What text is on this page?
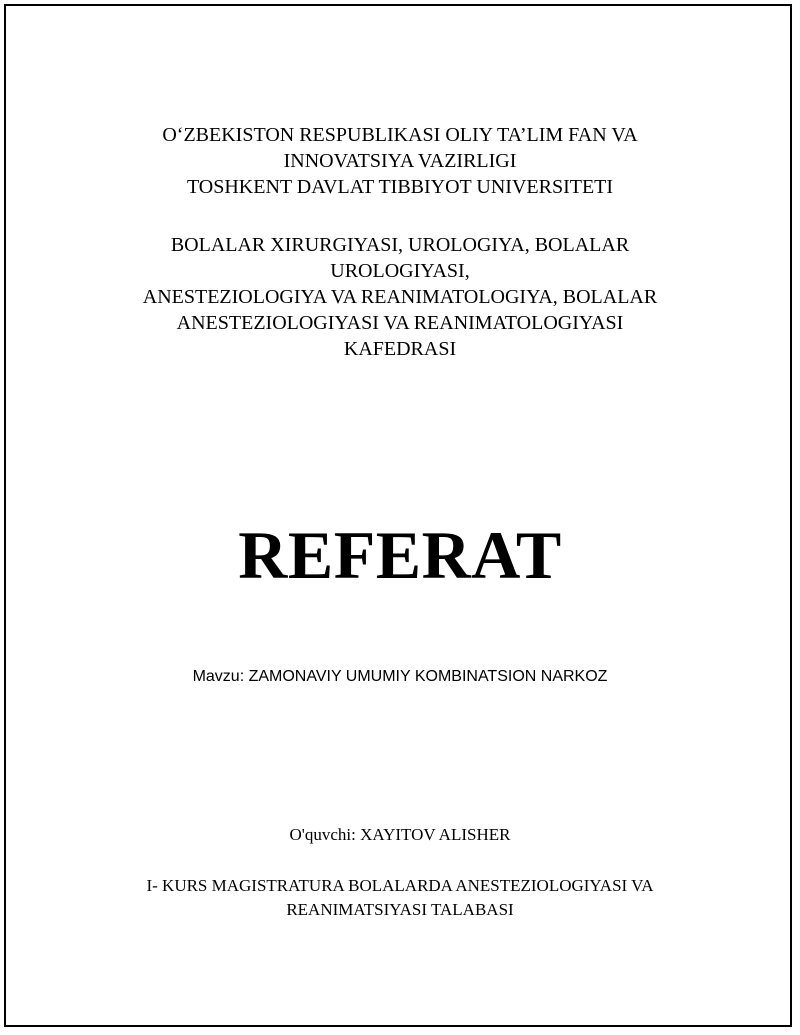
O‘ZBEKISTON RESPUBLIKASI OLIY TA’LIM FAN VA
INNOVATSIYA VAZIRLIGI
TOSHKENT DAVLAT TIBBIYOT UNIVERSITETI
BOLALAR XIRURGIYASI, UROLOGIYA, BOLALAR
UROLOGIYASI,
ANESTEZIOLOGIYA VA REANIMATOLOGIYA, BOLALAR
ANESTEZIOLOGIYASI VA REANIMATOLOGIYASI
KAFEDRASI
REFERAT
Mavzu: ZAMONAVIY UMUMIY KOMBINATSION NARKOZ
O'quvchi: XAYITOV ALISHER
I- KURS MAGISTRATURA BOLALARDA ANESTEZIOLOGIYASI VA
REANIMATSIYASI TALABASI
